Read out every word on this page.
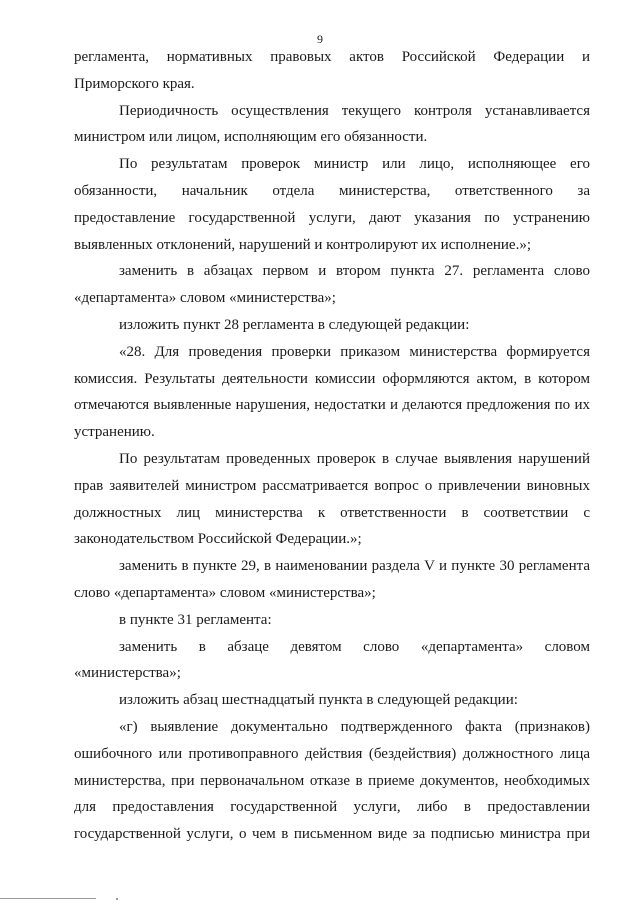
9

регламента, нормативных правовых актов Российской Федерации и Приморского края.

Периодичность осуществления текущего контроля устанавливается министром или лицом, исполняющим его обязанности.

По результатам проверок министр или лицо, исполняющее его обязанности, начальник отдела министерства, ответственного за предоставление государственной услуги, дают указания по устранению выявленных отклонений, нарушений и контролируют их исполнение.»;

заменить в абзацах первом и втором пункта 27. регламента слово «департамента» словом «министерства»;

изложить пункт 28 регламента в следующей редакции:

«28. Для проведения проверки приказом министерства формируется комиссия. Результаты деятельности комиссии оформляются актом, в котором отмечаются выявленные нарушения, недостатки и делаются предложения по их устранению.

По результатам проведенных проверок в случае выявления нарушений прав заявителей министром рассматривается вопрос о привлечении виновных должностных лиц министерства к ответственности в соответствии с законодательством Российской Федерации.»;

заменить в пункте 29, в наименовании раздела V и пункте 30 регламента слово «департамента» словом «министерства»;

в пункте 31 регламента:

заменить в абзаце девятом слово «департамента» словом «министерства»;

изложить абзац шестнадцатый пункта в следующей редакции:

«г) выявление документально подтвержденного факта (признаков) ошибочного или противоправного действия (бездействия) должностного лица министерства, при первоначальном отказе в приеме документов, необходимых для предоставления государственной услуги, либо в предоставлении государственной услуги, о чем в письменном виде за подписью министра при
